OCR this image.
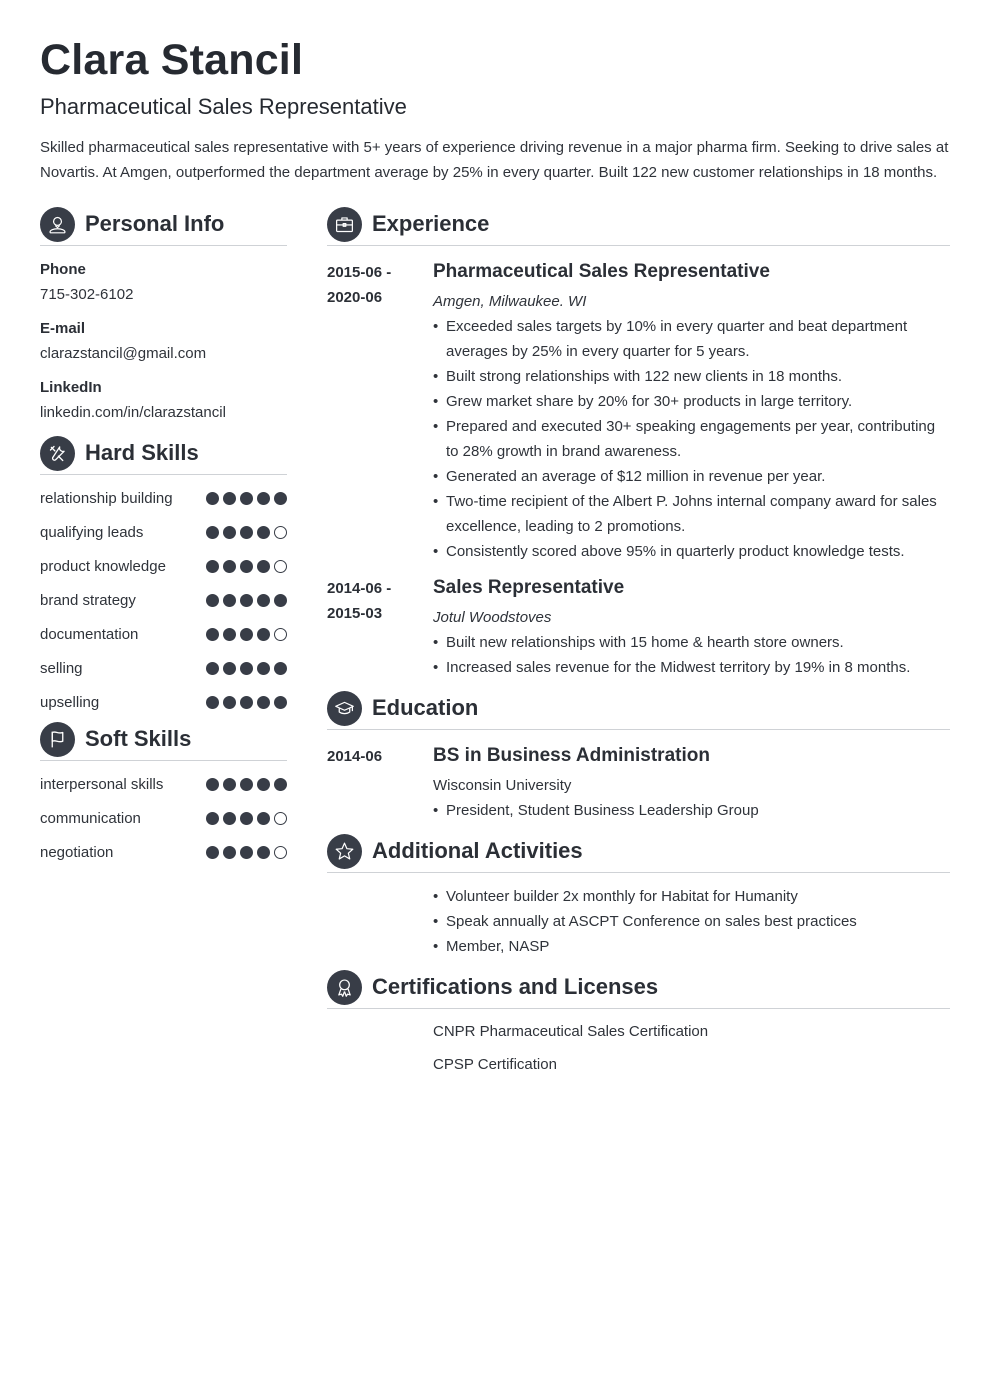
Clara Stancil
Pharmaceutical Sales Representative
Skilled pharmaceutical sales representative with 5+ years of experience driving revenue in a major pharma firm. Seeking to drive sales at Novartis. At Amgen, outperformed the department average by 25% in every quarter. Built 122 new customer relationships in 18 months.
Personal Info
Phone
715-302-6102
E-mail
clarazstancil@gmail.com
LinkedIn
linkedin.com/in/clarazstancil
Hard Skills
relationship building
qualifying leads
product knowledge
brand strategy
documentation
selling
upselling
Soft Skills
interpersonal skills
communication
negotiation
Experience
2015-06 -
2020-06
Pharmaceutical Sales Representative
Amgen, Milwaukee. WI
• Exceeded sales targets by 10% in every quarter and beat department averages by 25% in every quarter for 5 years.
• Built strong relationships with 122 new clients in 18 months.
• Grew market share by 20% for 30+ products in large territory.
• Prepared and executed 30+ speaking engagements per year, contributing to 28% growth in brand awareness.
• Generated an average of $12 million in revenue per year.
• Two-time recipient of the Albert P. Johns internal company award for sales excellence, leading to 2 promotions.
• Consistently scored above 95% in quarterly product knowledge tests.
2014-06 -
2015-03
Sales Representative
Jotul Woodstoves
• Built new relationships with 15 home & hearth store owners.
• Increased sales revenue for the Midwest territory by 19% in 8 months.
Education
2014-06	BS in Business Administration
Wisconsin University
• President, Student Business Leadership Group
Additional Activities
• Volunteer builder 2x monthly for Habitat for Humanity
• Speak annually at ASCPT Conference on sales best practices
• Member, NASP
Certifications and Licenses
CNPR Pharmaceutical Sales Certification
CPSP Certification
